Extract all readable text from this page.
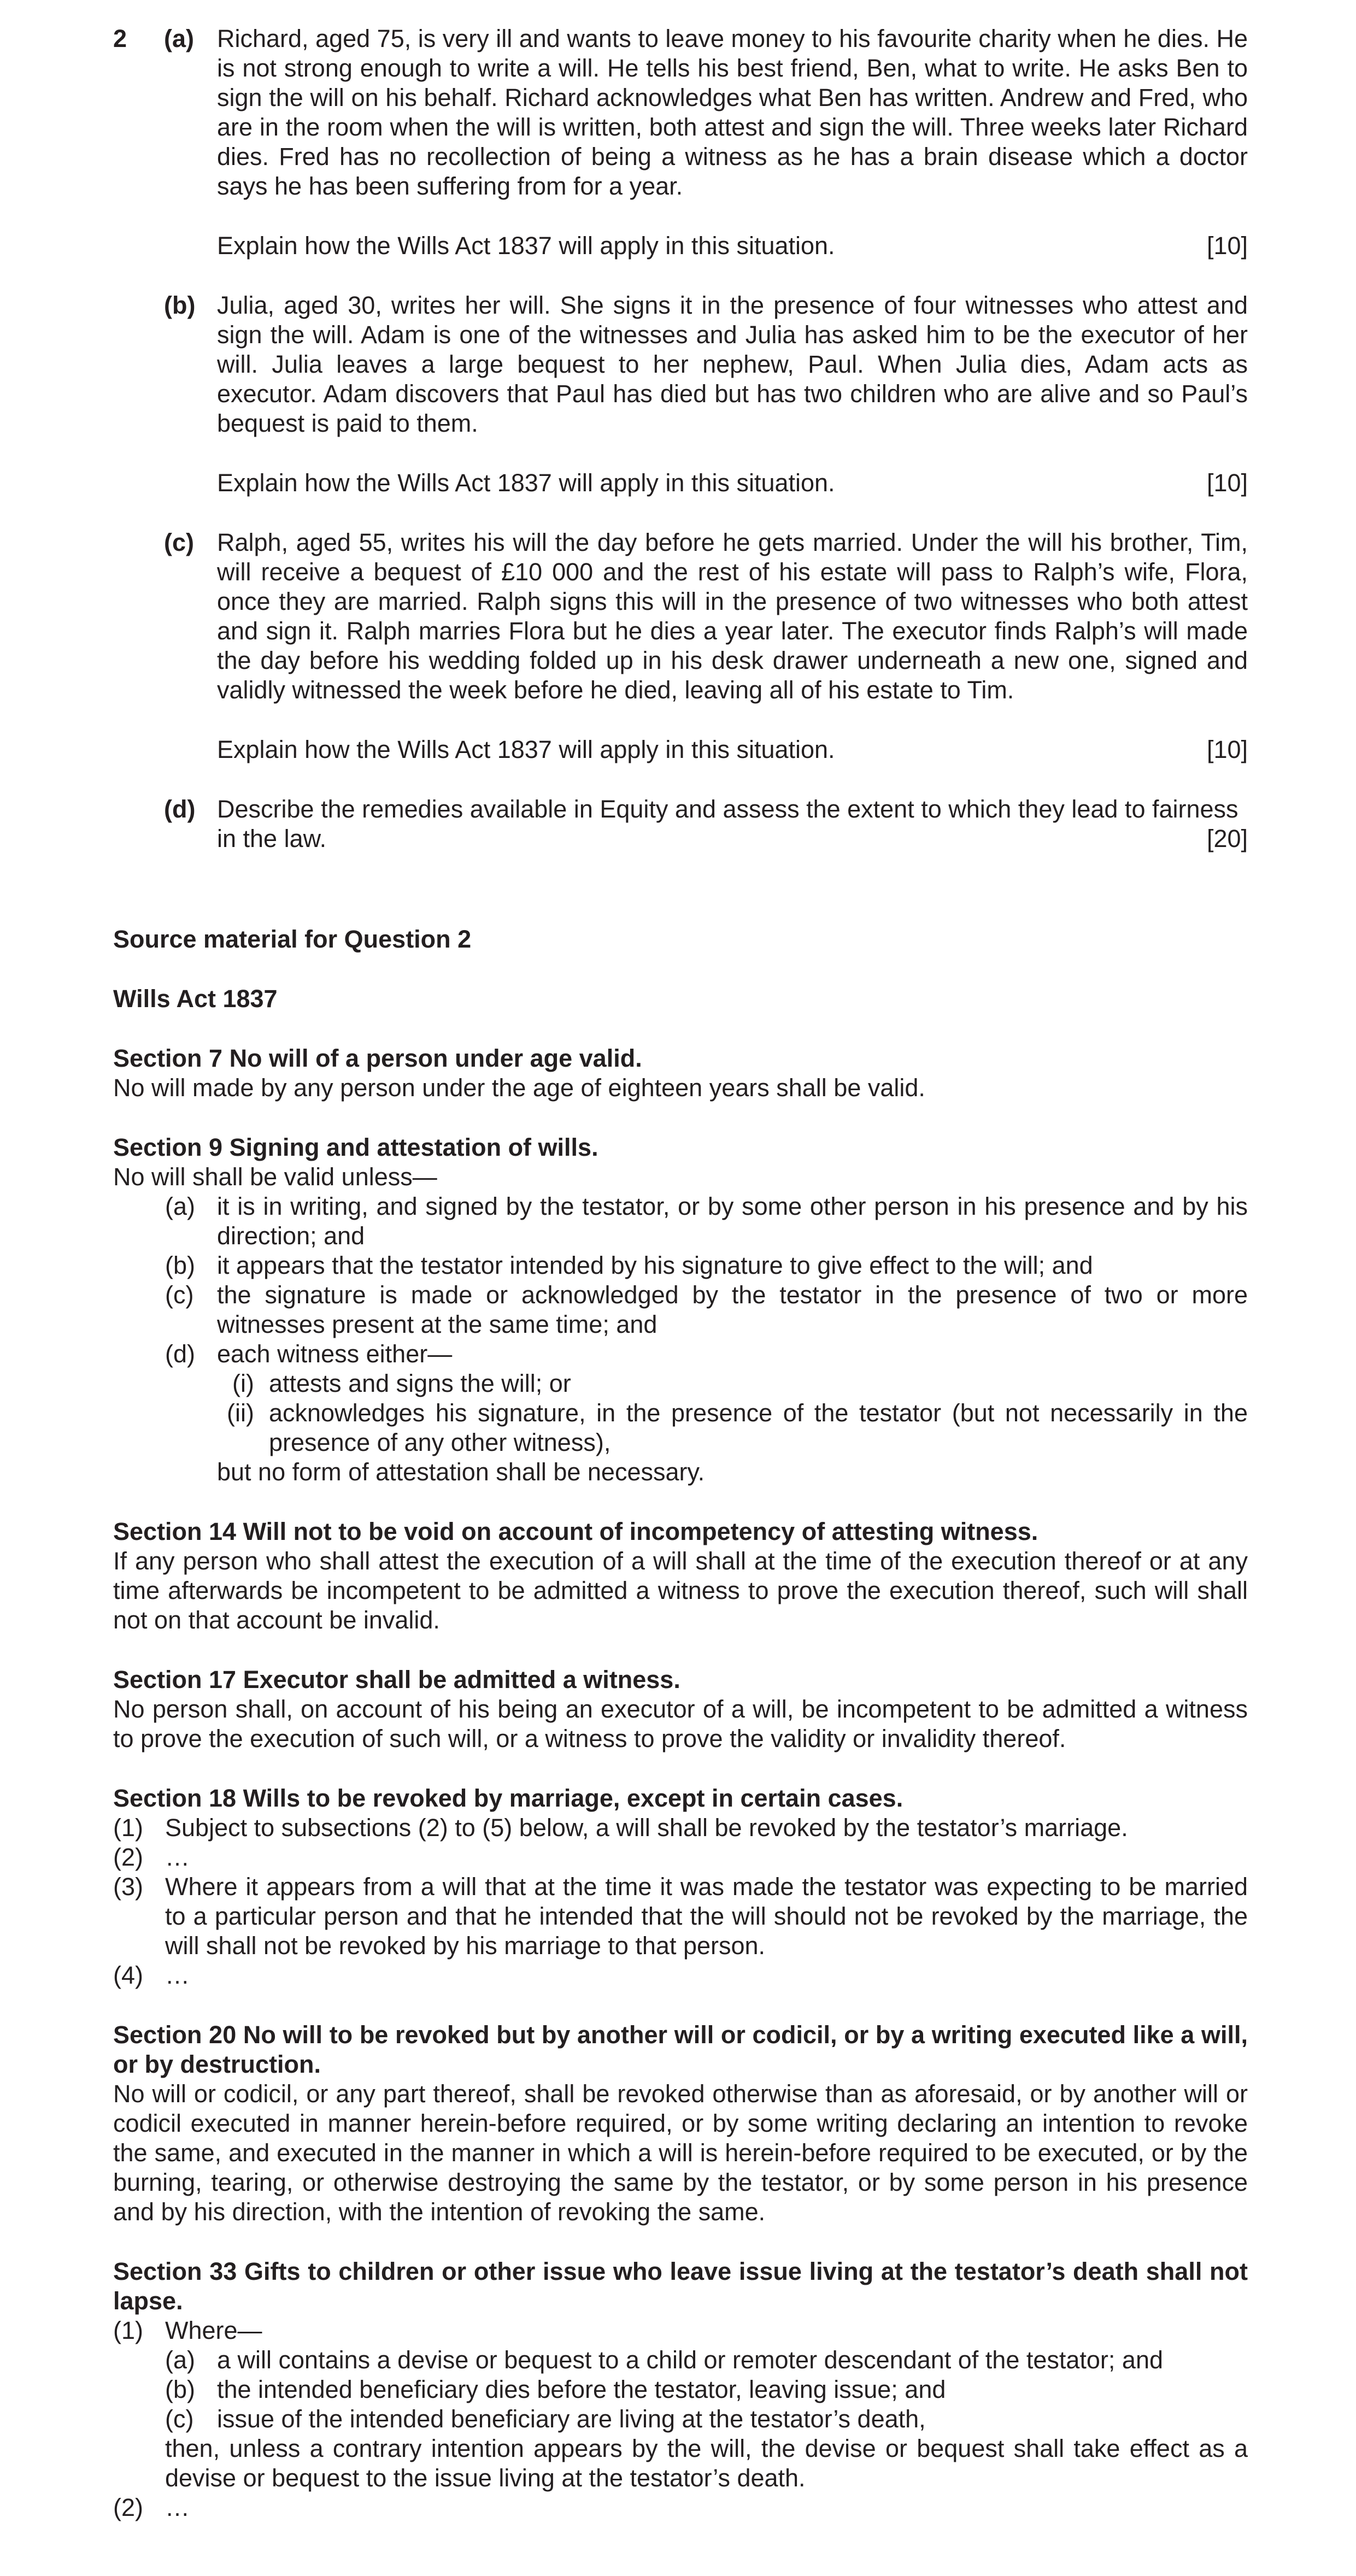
2 (a) Richard, aged 75, is very ill and wants to leave money to his favourite charity when he dies. He is not strong enough to write a will. He tells his best friend, Ben, what to write. He asks Ben to sign the will on his behalf. Richard acknowledges what Ben has written. Andrew and Fred, who are in the room when the will is written, both attest and sign the will. Three weeks later Richard dies. Fred has no recollection of being a witness as he has a brain disease which a doctor says he has been suffering from for a year.
Explain how the Wills Act 1837 will apply in this situation.	[10]
(b) Julia, aged 30, writes her will. She signs it in the presence of four witnesses who attest and sign the will. Adam is one of the witnesses and Julia has asked him to be the executor of her will. Julia leaves a large bequest to her nephew, Paul. When Julia dies, Adam acts as executor. Adam discovers that Paul has died but has two children who are alive and so Paul’s bequest is paid to them.
Explain how the Wills Act 1837 will apply in this situation.	[10]
(c) Ralph, aged 55, writes his will the day before he gets married. Under the will his brother, Tim, will receive a bequest of £10 000 and the rest of his estate will pass to Ralph’s wife, Flora, once they are married. Ralph signs this will in the presence of two witnesses who both attest and sign it. Ralph marries Flora but he dies a year later. The executor finds Ralph’s will made the day before his wedding folded up in his desk drawer underneath a new one, signed and validly witnessed the week before he died, leaving all of his estate to Tim.
Explain how the Wills Act 1837 will apply in this situation.	[10]
(d) Describe the remedies available in Equity and assess the extent to which they lead to fairness
in the law.	[20]
Source material for Question 2
Wills Act 1837
Section 7 No will of a person under age valid.
No will made by any person under the age of eighteen years shall be valid.
Section 9 Signing and attestation of wills.
No will shall be valid unless—
(a) it is in writing, and signed by the testator, or by some other person in his presence and by his direction; and
(b) it appears that the testator intended by his signature to give effect to the will; and
(c) the signature is made or acknowledged by the testator in the presence of two or more witnesses present at the same time; and
(d) each witness either—
(i) attests and signs the will; or
(ii) acknowledges his signature, in the presence of the testator (but not necessarily in the presence of any other witness),
but no form of attestation shall be necessary.
Section 14 Will not to be void on account of incompetency of attesting witness.
If any person who shall attest the execution of a will shall at the time of the execution thereof or at any time afterwards be incompetent to be admitted a witness to prove the execution thereof, such will shall not on that account be invalid.
Section 17 Executor shall be admitted a witness.
No person shall, on account of his being an executor of a will, be incompetent to be admitted a witness to prove the execution of such will, or a witness to prove the validity or invalidity thereof.
Section 18 Wills to be revoked by marriage, except in certain cases.
(1) Subject to subsections (2) to (5) below, a will shall be revoked by the testator’s marriage.
(2) …
(3) Where it appears from a will that at the time it was made the testator was expecting to be married to a particular person and that he intended that the will should not be revoked by the marriage, the will shall not be revoked by his marriage to that person.
(4) …
Section 20 No will to be revoked but by another will or codicil, or by a writing executed like a will, or by destruction.
No will or codicil, or any part thereof, shall be revoked otherwise than as aforesaid, or by another will or codicil executed in manner herein-before required, or by some writing declaring an intention to revoke the same, and executed in the manner in which a will is herein-before required to be executed, or by the burning, tearing, or otherwise destroying the same by the testator, or by some person in his presence and by his direction, with the intention of revoking the same.
Section 33 Gifts to children or other issue who leave issue living at the testator’s death shall not lapse.
(1) Where—
(a) a will contains a devise or bequest to a child or remoter descendant of the testator; and
(b) the intended beneficiary dies before the testator, leaving issue; and
(c) issue of the intended beneficiary are living at the testator’s death,
then, unless a contrary intention appears by the will, the devise or bequest shall take effect as a devise or bequest to the issue living at the testator’s death.
(2) …
